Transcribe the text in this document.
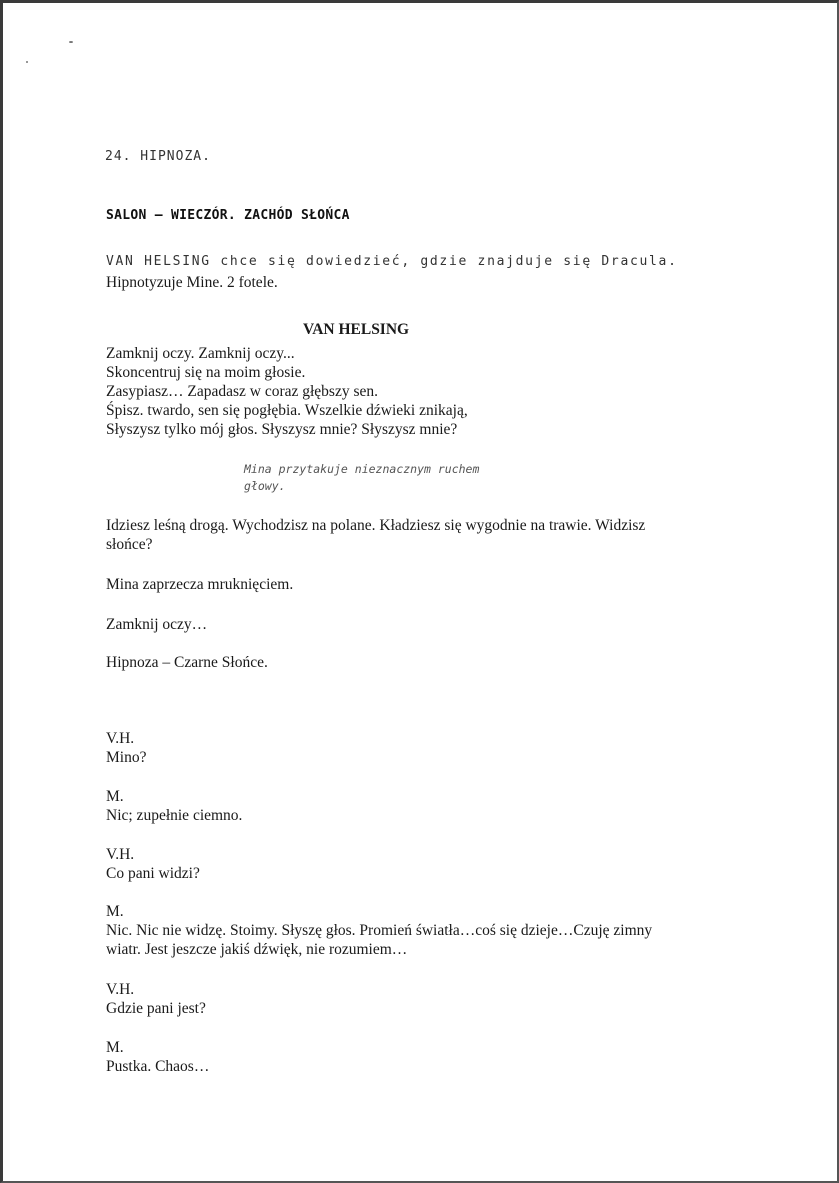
24. HIPNOZA.

SALON – WIECZÓR. ZACHÓD SŁOŃCA

VAN HELSING chce się dowiedzieć, gdzie znajduje się Dracula.

Hipnotyzuje Mine. 2 fotele.

VAN HELSING

Zamknij oczy. Zamknij oczy...
Skoncentruj się na moim głosie.
Zasypiasz… Zapadasz w coraz głębszy sen.
Śpisz. twardo, sen się pogłębia. Wszelkie dźwieki znikają,
Słyszysz tylko mój głos. Słyszysz mnie? Słyszysz mnie?
Mina przytakuje nieznacznym ruchem
głowy.
Idziesz leśną drogą. Wychodzisz na polane. Kładziesz się wygodnie na trawie. Widzisz
słońce?

Mina zaprzecza mruknięciem.

Zamknij oczy…

Hipnoza – Czarne Słońce.

V.H.
Mino?
M.
Nic; zupełnie ciemno.
V.H.
Co pani widzi?
M.
Nic. Nic nie widzę. Stoimy. Słyszę głos. Promień światła…coś się dzieje…Czuję zimny
wiatr. Jest jeszcze jakiś dźwięk, nie rozumiem…
V.H.
Gdzie pani jest?
M.
Pustka. Chaos…
